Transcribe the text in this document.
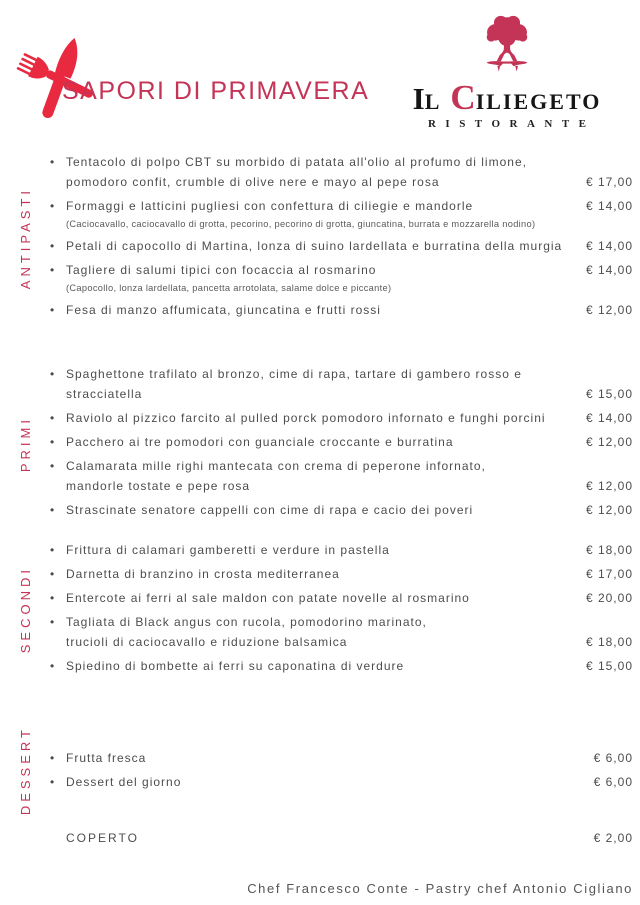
SAPORI DI PRIMAVERA IL CILIEGETO
RISTORANTE
ANTIPASTI
• Tentacolo di polpo CBT su morbido di patata all'olio al profumo di limone,
pomodoro confit, crumble di olive nere e mayo al pepe rosa	€ 17,00
• Formaggi e latticini pugliesi con confettura di ciliegie e mandorle	€ 14,00
(Caciocavallo, caciocavallo di grotta, pecorino, pecorino di grotta, giuncatina, burrata e mozzarella nodino)
• Petali di capocollo di Martina, lonza di suino lardellata e burratina della murgia	€ 14,00
• Tagliere di salumi tipici con focaccia al rosmarino	€ 14,00
(Capocollo, lonza lardellata, pancetta arrotolata, salame dolce e piccante)
• Fesa di manzo affumicata, giuncatina e frutti rossi	€ 12,00
PRIMI
• Spaghettone trafilato al bronzo, cime di rapa, tartare di gambero rosso e stracciatella	€ 15,00
• Raviolo al pizzico farcito al pulled porck pomodoro infornato e funghi porcini	€ 14,00
• Pacchero ai tre pomodori con guanciale croccante e burratina	€ 12,00
• Calamarata mille righi mantecata con crema di peperone infornato,
mandorle tostate e pepe rosa	€ 12,00
• Strascinate senatore cappelli con cime di rapa e cacio dei poveri	€ 12,00
SECONDI
• Frittura di calamari gamberetti e verdure in pastella	€ 18,00
• Darnetta di branzino in crosta mediterranea	€ 17,00
• Entercote ai ferri al sale maldon con patate novelle al rosmarino	€ 20,00
• Tagliata di Black angus con rucola, pomodorino marinato,
trucioli di caciocavallo e riduzione balsamica	€ 18,00
• Spiedino di bombette ai ferri su caponatina di verdure	€ 15,00
DESSERT • Frutta fresca	€ 6,00
• Dessert del giorno	€ 6,00
COPERTO	€ 2,00
Chef Francesco Conte - Pastry chef Antonio Cigliano
